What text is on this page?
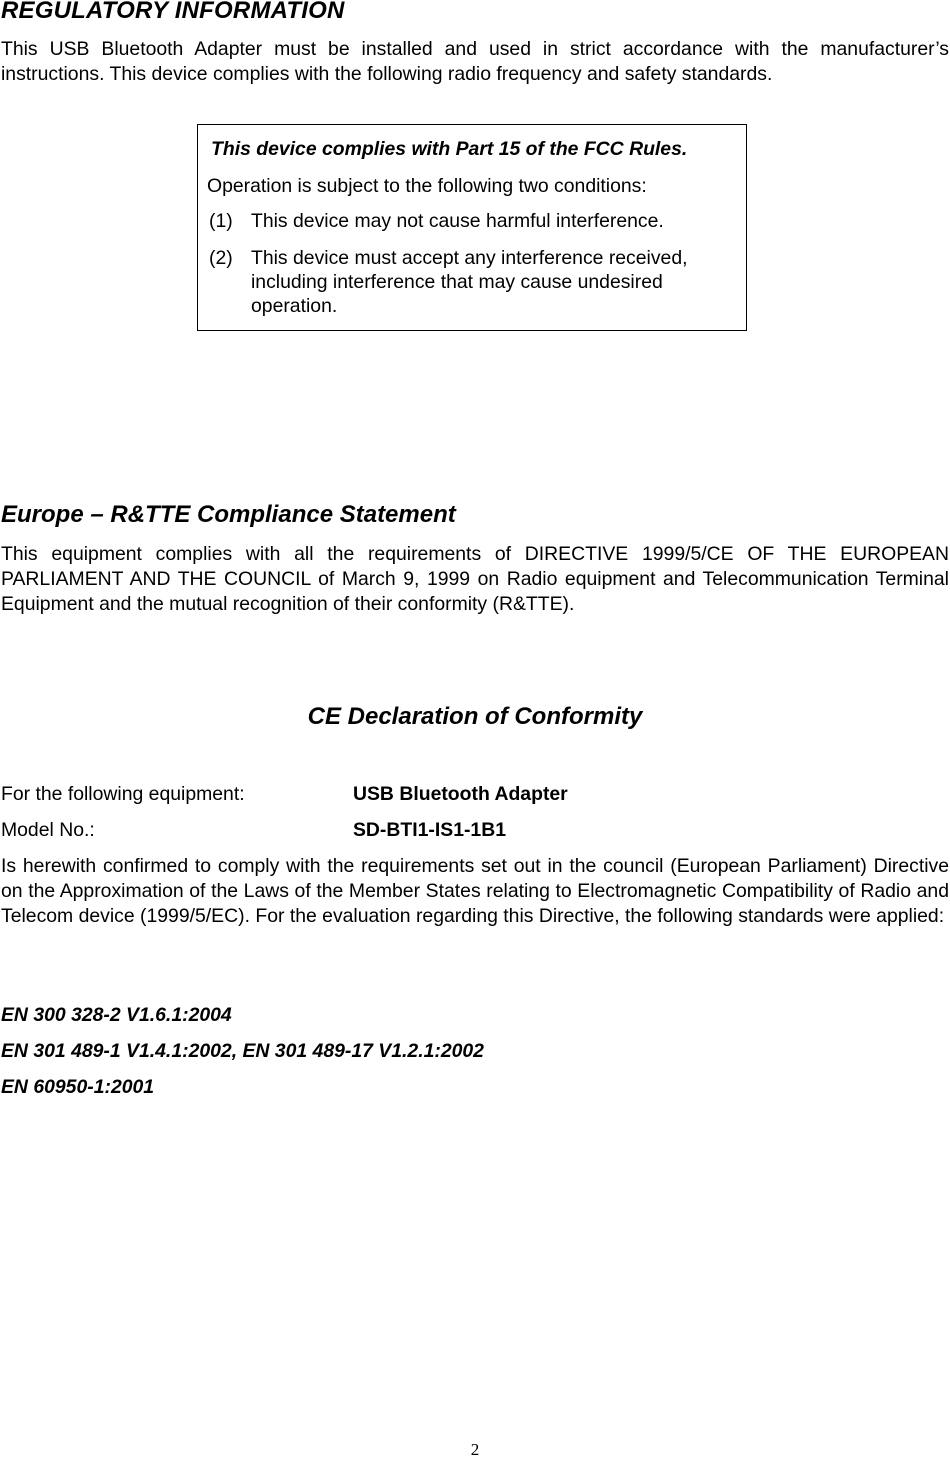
REGULATORY INFORMATION

This USB Bluetooth Adapter must be installed and used in strict accordance with the manufacturer’s instructions. This device complies with the following radio frequency and safety standards.

This device complies with Part 15 of the FCC Rules.

Operation is subject to the following two conditions:

(1) This device may not cause harmful interference.
(2) This device must accept any interference received, including interference that may cause undesired operation.
Europe – R&TTE Compliance Statement

This equipment complies with all the requirements of DIRECTIVE 1999/5/CE OF THE EUROPEAN PARLIAMENT AND THE COUNCIL of March 9, 1999 on Radio equipment and Telecommunication Terminal Equipment and the mutual recognition of their conformity (R&TTE).

CE Declaration of Conformity
For the following equipment:	USB Bluetooth Adapter
Model No.:	SD-BTI1-IS1-1B1

Is herewith confirmed to comply with the requirements set out in the council (European Parliament) Directive on the Approximation of the Laws of the Member States relating to Electromagnetic Compatibility of Radio and Telecom device (1999/5/EC). For the evaluation regarding this Directive, the following standards were applied:

EN 300 328-2 V1.6.1:2004

EN 301 489-1 V1.4.1:2002, EN 301 489-17 V1.2.1:2002

EN 60950-1:2001

2
